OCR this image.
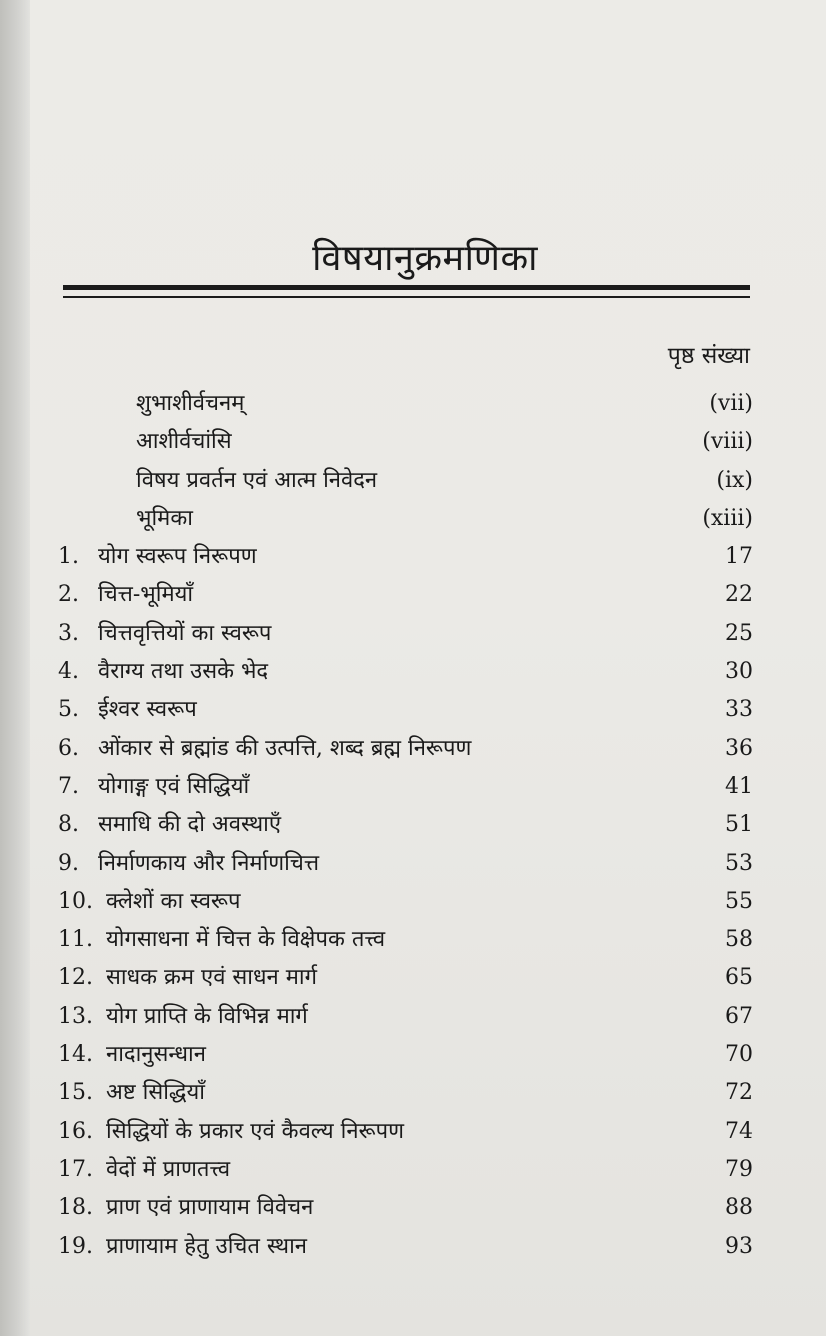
विषयानुक्रमणिका
पृष्ठ संख्या
शुभाशीर्वचनम्	(vii)
आशीर्वचांसि	(viii)
विषय प्रवर्तन एवं आत्म निवेदन	(ix)
भूमिका	(xiii)
1. योग स्वरूप निरूपण	17
2. चित्त-भूमियाँ	22
3. चित्तवृत्तियों का स्वरूप	25
4. वैराग्य तथा उसके भेद	30
5. ईश्वर स्वरूप	33
6. ओंकार से ब्रह्मांड की उत्पत्ति, शब्द ब्रह्म निरूपण	36
7. योगाङ्ग एवं सिद्धियाँ	41
8. समाधि की दो अवस्थाएँ	51
9. निर्माणकाय और निर्माणचित्त	53
10. क्लेशों का स्वरूप	55
11. योगसाधना में चित्त के विक्षेपक तत्त्व	58
12. साधक क्रम एवं साधन मार्ग	65
13. योग प्राप्ति के विभिन्न मार्ग	67
14. नादानुसन्धान	70
15. अष्ट सिद्धियाँ	72
16. सिद्धियों के प्रकार एवं कैवल्य निरूपण	74
17. वेदों में प्राणतत्त्व	79
18. प्राण एवं प्राणायाम विवेचन	88
19. प्राणायाम हेतु उचित स्थान	93
